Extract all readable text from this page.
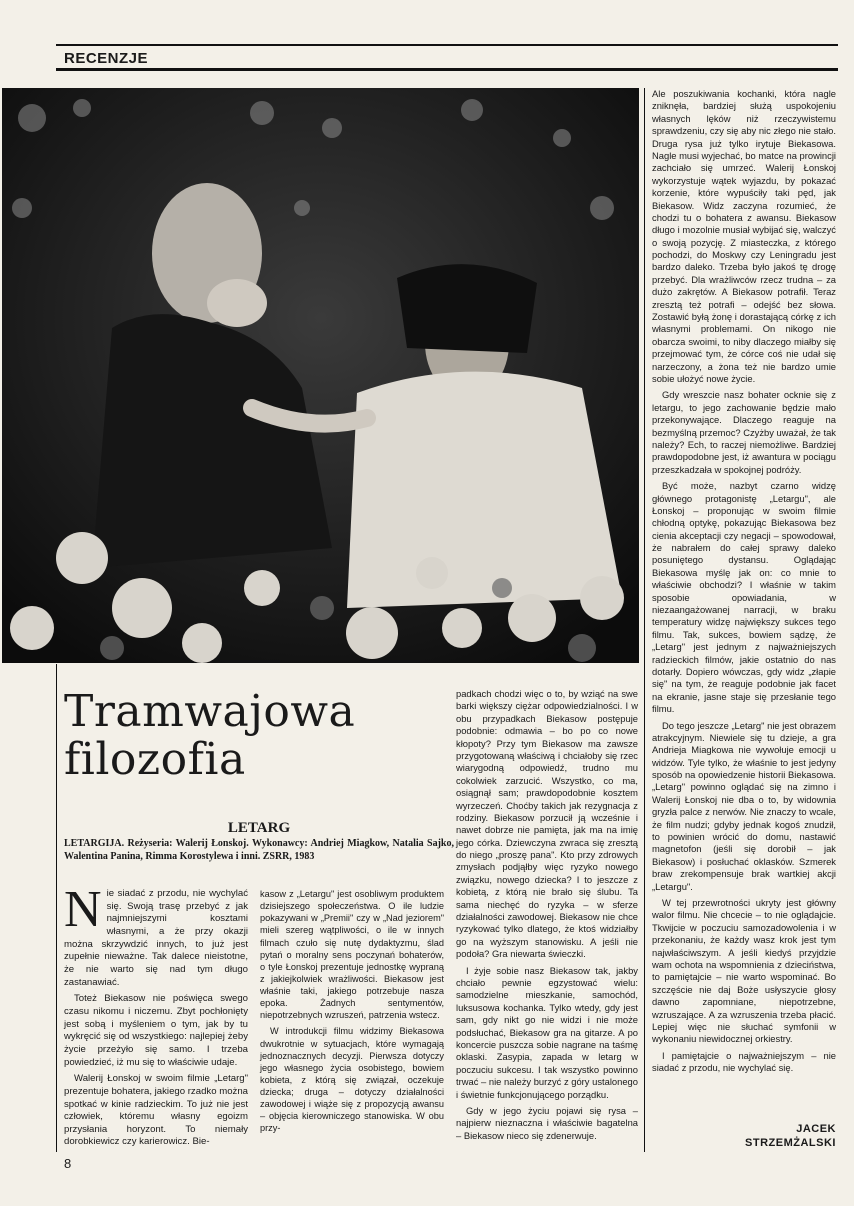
RECENZJE
Tramwajowa
filozofia
LETARG
LETARGIJA. Reżyseria: Walerij Łonskoj. Wykonawcy: Andriej Miagkow, Natalia Sajko, Walentina Panina, Rimma Korostylewa i inni. ZSRR, 1983
N ie siadać z przodu, nie wychylać się. Swoją trasę przebyć z jak najmniejszymi kosztami własnymi, a że przy okazji można skrzywdzić innych, to już jest zupełnie nieważne. Tak dalece nieistotne, że nie warto się nad tym długo zastanawiać.

Toteż Biekasow nie poświęca swego czasu nikomu i niczemu. Zbyt pochłonięty jest sobą i myśleniem o tym, jak by tu wykręcić się od wszystkiego: najlepiej żeby życie przeżyło się samo. I trzeba powiedzieć, iż mu się to właściwie udaje.

Walerij Łonskoj w swoim filmie „Letarg" prezentuje bohatera, jakiego rzadko można spotkać w kinie radzieckim. To już nie jest człowiek, któremu własny egoizm przysłania horyzont. To niemały dorobkiewicz czy karierowicz. Bie-

kasow z „Letargu" jest osobliwym produktem dzisiejszego społeczeństwa. O ile ludzie pokazywani w „Premii" czy w „Nad jeziorem" mieli szereg wątpliwości, o ile w innych filmach czuło się nutę dydaktyzmu, ślad pytań o moralny sens poczynań bohaterów, o tyle Łonskoj prezentuje jednostkę wypraną z jakiejkolwiek wrażliwości. Biekasow jest właśnie taki, jakiego potrzebuje nasza epoka. Żadnych sentymentów, niepotrzebnych wzruszeń, patrzenia wstecz.

W introdukcji filmu widzimy Biekasowa dwukrotnie w sytuacjach, które wymagają jednoznacznych decyzji. Pierwsza dotyczy jego własnego życia osobistego, bowiem kobieta, z którą się związał, oczekuje dziecka; druga – dotyczy działalności zawodowej i wiąże się z propozycją awansu – objęcia kierowniczego stanowiska. W obu przy-

padkach chodzi więc o to, by wziąć na swe barki większy ciężar odpowiedzialności. I w obu przypadkach Biekasow postępuje podobnie: odmawia – bo po co nowe kłopoty? Przy tym Biekasow ma zawsze przygotowaną właściwą i chciałoby się rzec wiarygodną odpowiedź, trudno mu cokolwiek zarzucić. Wszystko, co ma, osiągnął sam; prawdopodobnie kosztem wyrzeczeń. Choćby takich jak rezygnacja z rodziny. Biekasow porzucił ją wcześnie i nawet dobrze nie pamięta, jak ma na imię jego córka. Dziewczyna zwraca się zresztą do niego „proszę pana". Kto przy zdrowych zmysłach podjąłby więc ryzyko nowego związku, nowego dziecka? I to jeszcze z kobietą, z którą nie brało się ślubu. Ta sama niechęć do ryzyka – w sferze działalności zawodowej. Biekasow nie chce ryzykować tylko dlatego, że ktoś widziałby go na wyższym stanowisku. A jeśli nie podoła? Gra niewarta świeczki.

I żyje sobie nasz Biekasow tak, jakby chciało pewnie egzystować wielu: samodzielne mieszkanie, samochód, luksusowa kochanka. Tylko wtedy, gdy jest sam, gdy nikt go nie widzi i nie może podsłuchać, Biekasow gra na gitarze. A po koncercie puszcza sobie nagrane na taśmę oklaski. Zasypia, zapada w letarg w poczuciu sukcesu. I tak wszystko powinno trwać – nie należy burzyć z góry ustalonego i świetnie funkcjonującego porządku.

Gdy w jego życiu pojawi się rysa – najpierw nieznaczna i właściwie bagatelna – Biekasow nieco się zdenerwuje.

Ale poszukiwania kochanki, która nagle zniknęła, bardziej służą uspokojeniu własnych lęków niż rzeczywistemu sprawdzeniu, czy się aby nic złego nie stało. Druga rysa już tylko irytuje Biekasowa. Nagle musi wyjechać, bo matce na prowincji zachciało się umrzeć. Walerij Łonskoj wykorzystuje wątek wyjazdu, by pokazać korzenie, które wypuściły taki pęd, jak Biekasow. Widz zaczyna rozumieć, że chodzi tu o bohatera z awansu. Biekasow długo i mozolnie musiał wybijać się, walczyć o swoją pozycję. Z miasteczka, z którego pochodzi, do Moskwy czy Leningradu jest bardzo daleko. Trzeba było jakoś tę drogę przebyć. Dla wrażliwców rzecz trudna – za dużo zakrętów. A Biekasow potrafił. Teraz zresztą też potrafi – odejść bez słowa. Zostawić byłą żonę i dorastającą córkę z ich własnymi problemami. On nikogo nie obarcza swoimi, to niby dlaczego miałby się przejmować tym, że córce coś nie udał się narzeczony, a żona też nie bardzo umie sobie ułożyć nowe życie.

Gdy wreszcie nasz bohater ocknie się z letargu, to jego zachowanie będzie mało przekonywające. Dlaczego reaguje na bezmyślną przemoc? Czyżby uważał, że tak należy? Ech, to raczej niemożliwe. Bardziej prawdopodobne jest, iż awantura w pociągu przeszkadzała w spokojnej podróży.

Być może, nazbyt czarno widzę głównego protagonistę „Letargu", ale Łonskoj – proponując w swoim filmie chłodną optykę, pokazując Biekasowa bez cienia akceptacji czy negacji – spowodował, że nabrałem do całej sprawy daleko posuniętego dystansu. Oglądając Biekasowa myślę jak on: co mnie to właściwie obchodzi? I właśnie w takim sposobie opowiadania, w niezaangażowanej narracji, w braku temperatury widzę największy sukces tego filmu. Tak, sukces, bowiem sądzę, że „Letarg" jest jednym z najważniejszych radzieckich filmów, jakie ostatnio do nas dotarły. Dopiero wówczas, gdy widz „złapie się" na tym, że reaguje podobnie jak facet na ekranie, jasne staje się przesłanie tego filmu.

Do tego jeszcze „Letarg" nie jest obrazem atrakcyjnym. Niewiele się tu dzieje, a gra Andrieja Miagkowa nie wywołuje emocji u widzów. Tyle tylko, że właśnie to jest jedyny sposób na opowiedzenie historii Biekasowa. „Letarg" powinno oglądać się na zimno i Walerij Łonskoj nie dba o to, by widownia gryzła palce z nerwów. Nie znaczy to wcale, że film nudzi; gdyby jednak kogoś znudził, to powinien wrócić do domu, nastawić magnetofon (jeśli się dorobił – jak Biekasow) i posłuchać oklasków. Szmerek braw zrekompensuje brak wartkiej akcji „Letargu".

W tej przewrotności ukryty jest główny walor filmu. Nie chcecie – to nie oglądajcie. Tkwijcie w poczuciu samozadowolenia i w przekonaniu, że każdy wasz krok jest tym najwłaściwszym. A jeśli kiedyś przyjdzie wam ochota na wspomnienia z dzieciństwa, to pamiętajcie – nie warto wspominać. Bo szczęście nie daj Boże usłyszycie głosy dawno zapomniane, niepotrzebne, wzruszające. A za wzruszenia trzeba płacić. Lepiej więc nie słuchać symfonii w wykonaniu niewidocznej orkiestry.

I pamiętajcie o najważniejszym – nie siadać z przodu, nie wychylać się.

JACEK
STRZEMŻALSKI
8
